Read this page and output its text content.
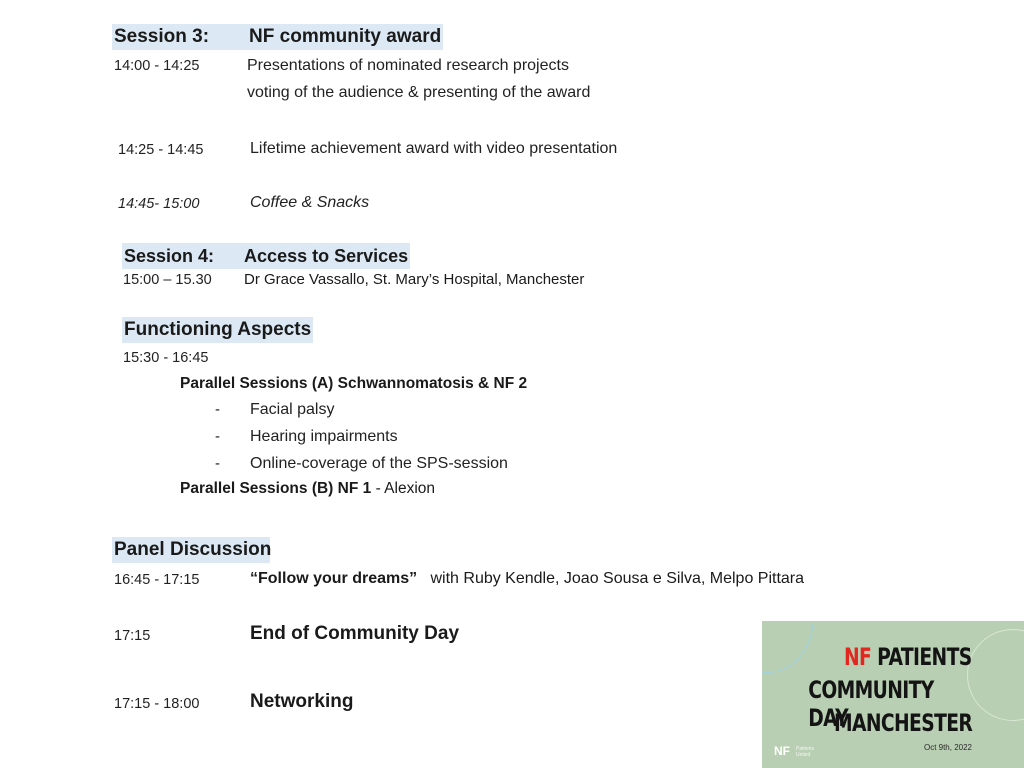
Session 3: NF community award
14:00 - 14:25	Presentations of nominated research projects
voting of the audience & presenting of the award
14:25 - 14:45	Lifetime achievement award with video presentation
14:45- 15:00	Coffee & Snacks
Session 4: Access to Services
15:00 – 15.30 Dr Grace Vassallo, St. Mary’s Hospital, Manchester
Functioning Aspects
15:30 - 16:45
Parallel Sessions (A) Schwannomatosis & NF 2
- Facial palsy
- Hearing impairments
- Online-coverage of the SPS-session
Parallel Sessions (B) NF 1 - Alexion
Panel Discussion
16:45 - 17:15	“Follow your dreams” with Ruby Kendle, Joao Sousa e Silva, Melpo Pittara
17:15	End of Community Day
17:15 - 18:00	Networking
NF PATIENTS
COMMUNITY DAY
MANCHESTER
Oct 9th, 2022
NF Patients United
